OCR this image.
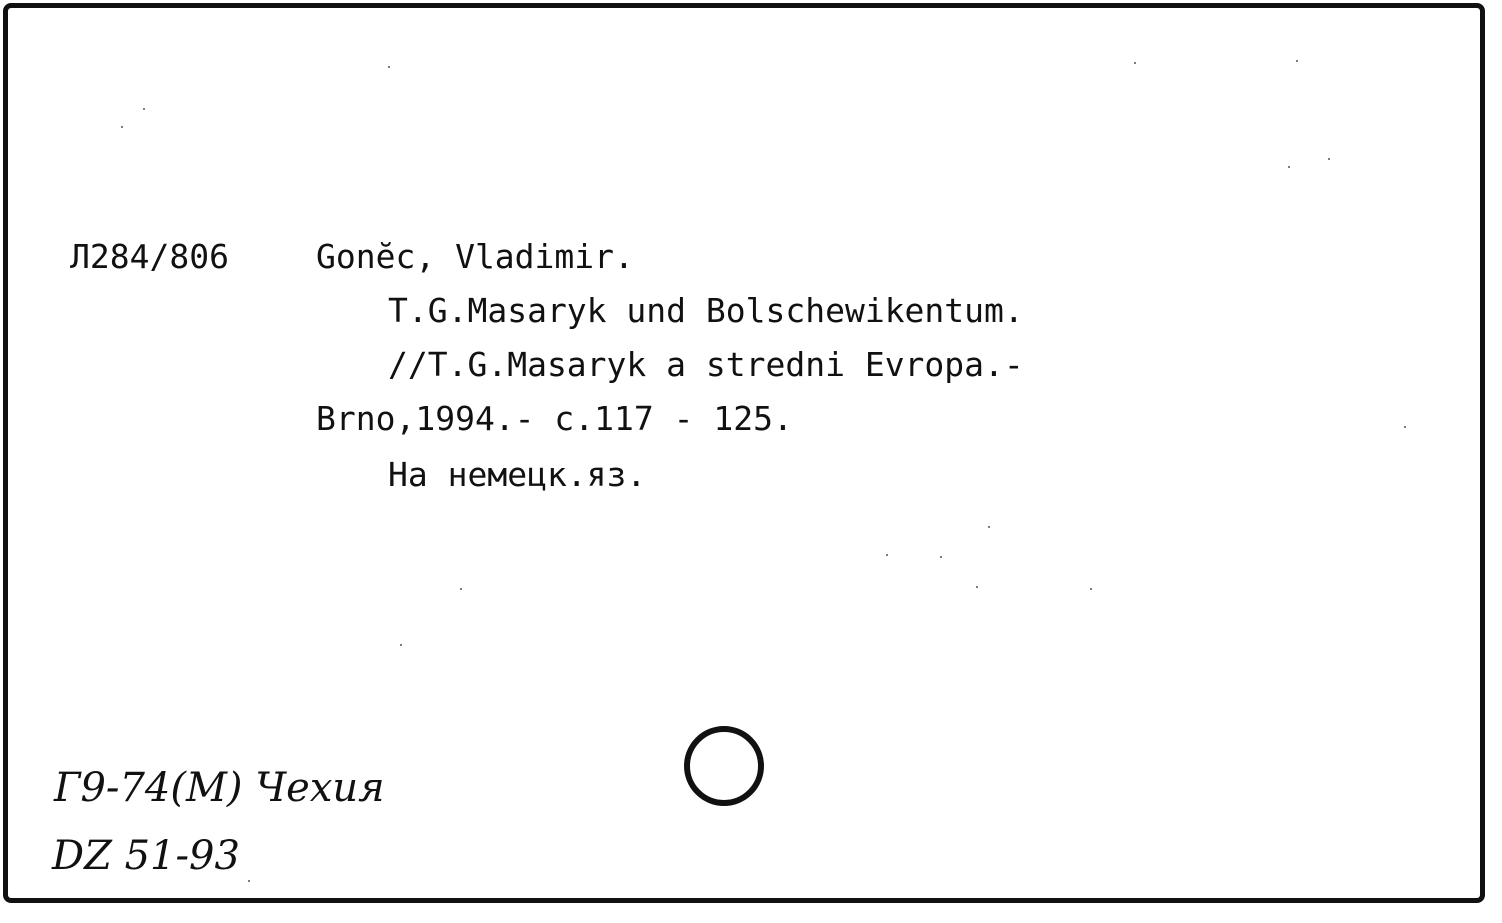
Л284/806	Gonĕc, Vladimir.
T.G.Masaryk und Bolschewikentum.
//T.G.Masaryk a stredni Evropa.-
Brno,1994.- c.117 - 125.
На немецк.яз.
Г9-74(М) Чехия
DZ 51-93
